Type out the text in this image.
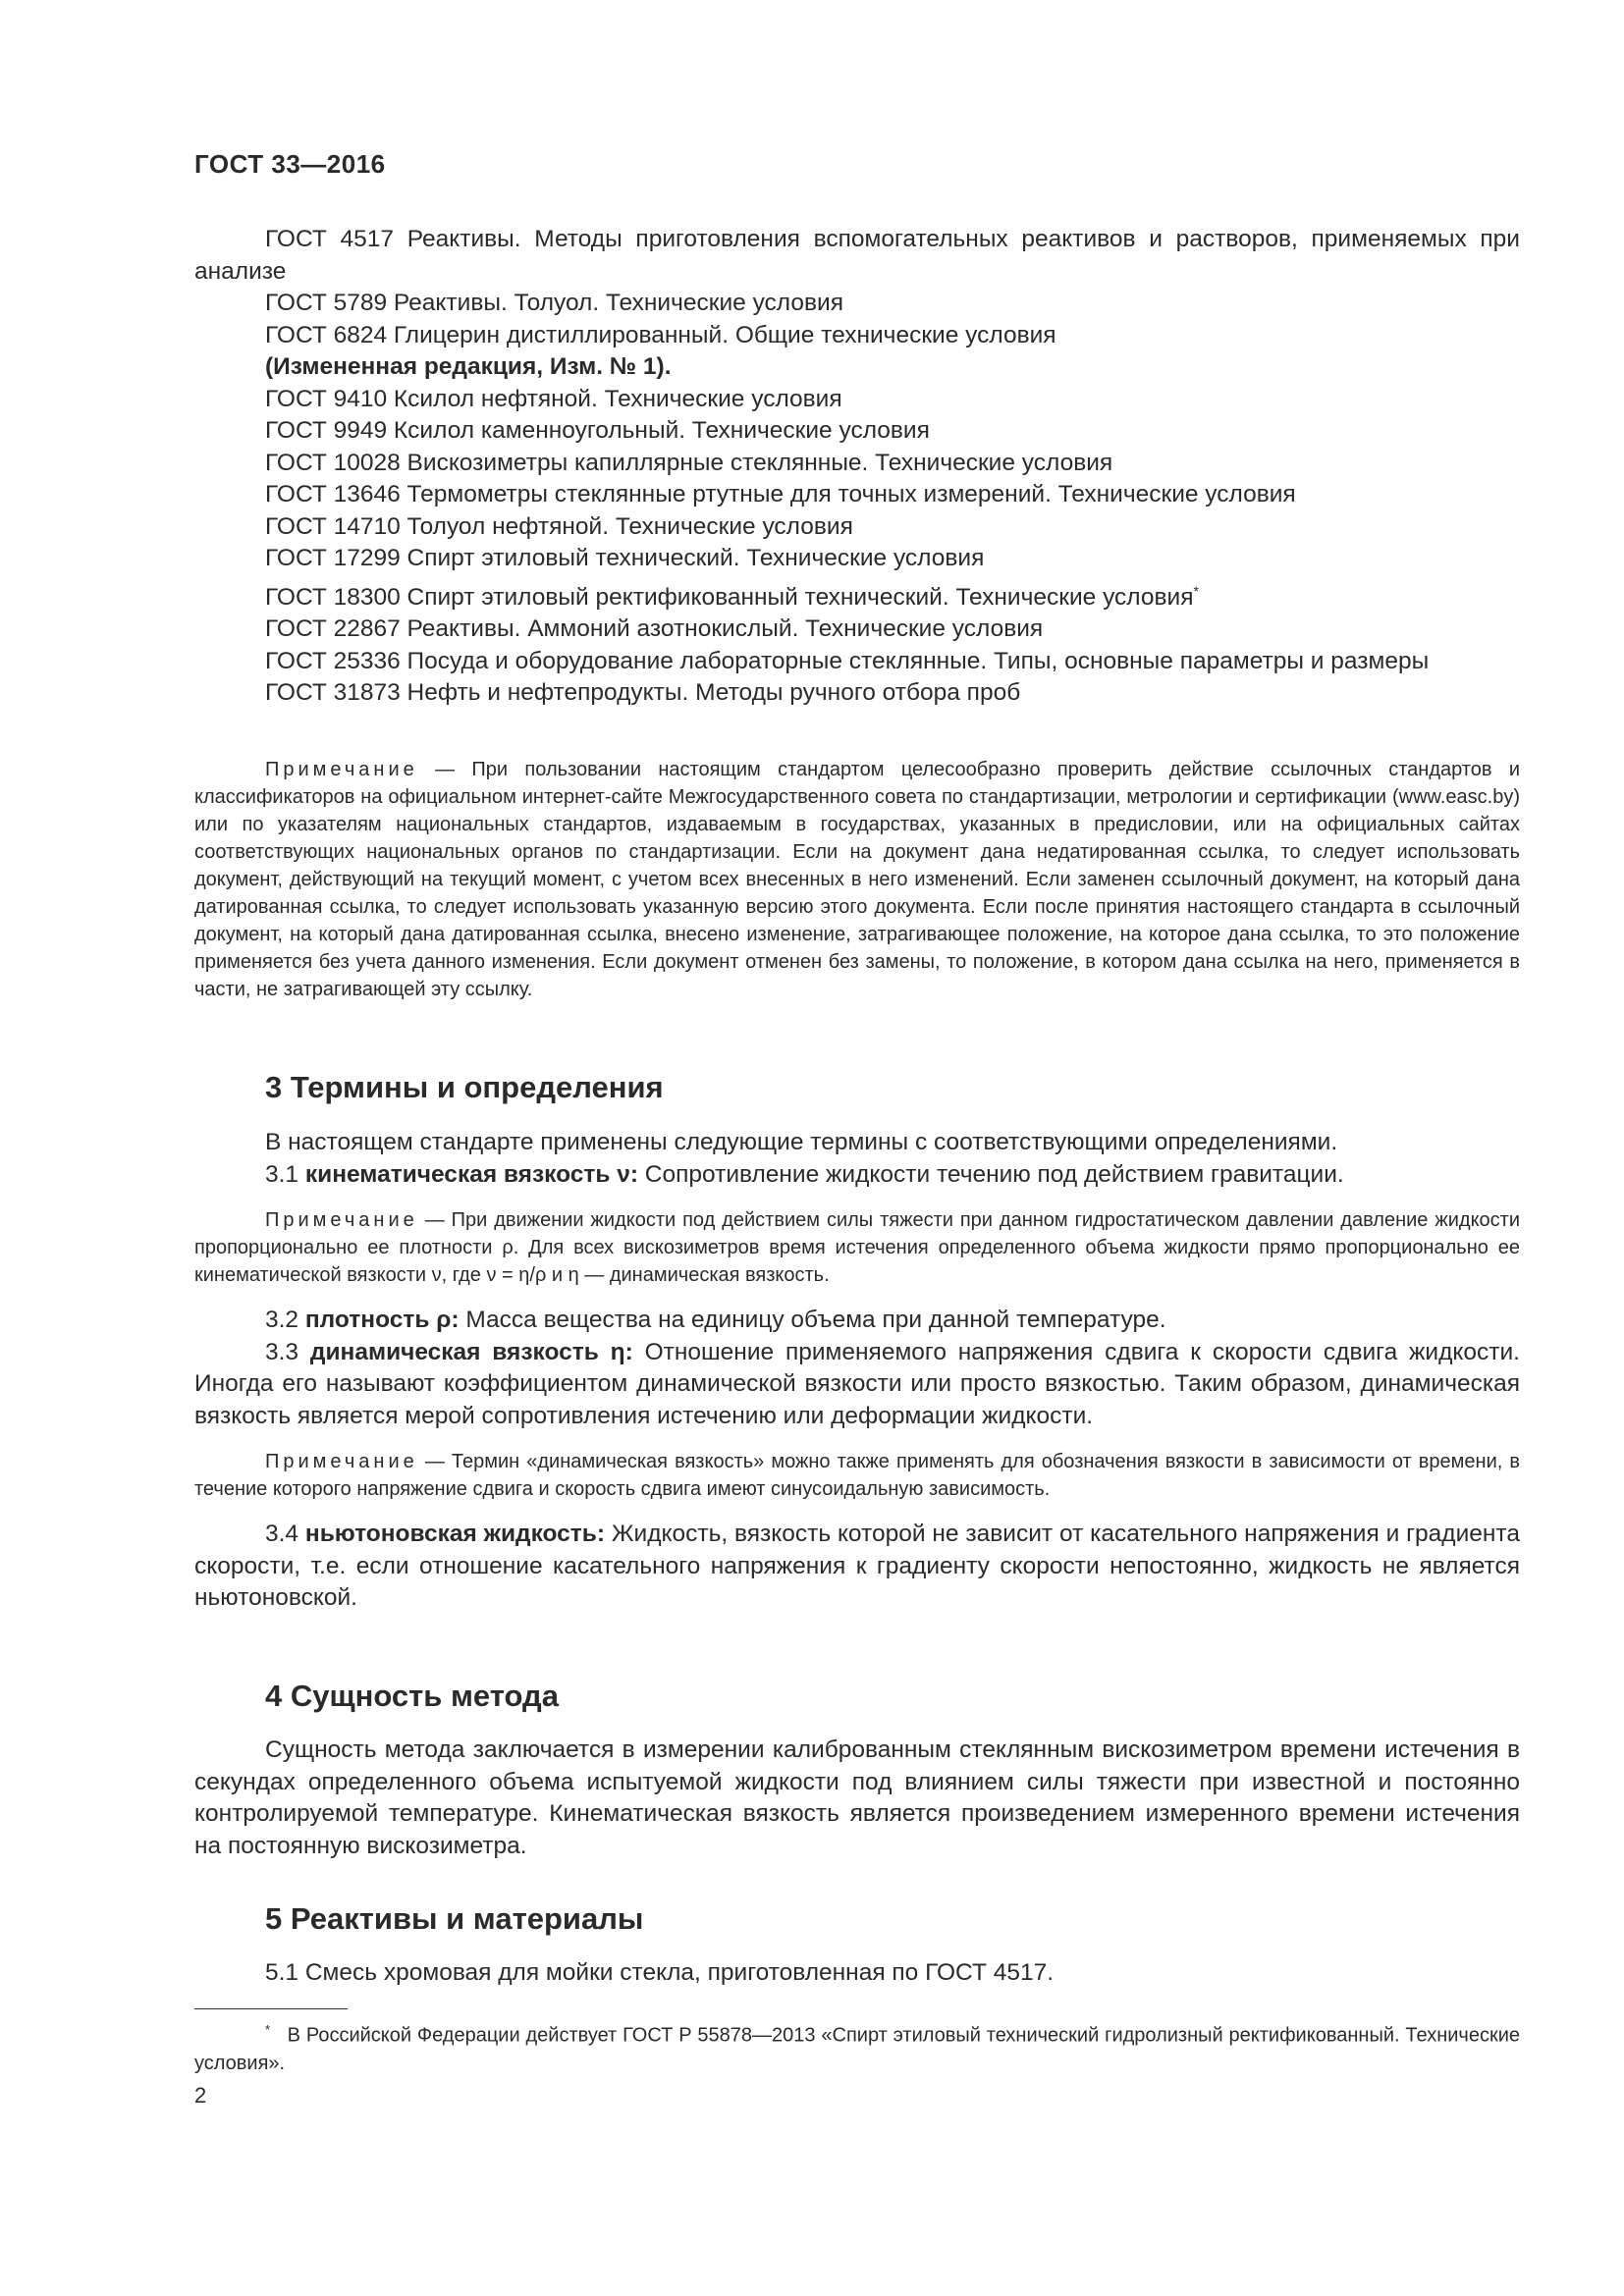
ГОСТ 33—2016

ГОСТ 4517 Реактивы. Методы приготовления вспомогательных реактивов и растворов, применяемых при анализе

ГОСТ 5789 Реактивы. Толуол. Технические условия

ГОСТ 6824 Глицерин дистиллированный. Общие технические условия

(Измененная редакция, Изм. № 1).

ГОСТ 9410 Ксилол нефтяной. Технические условия

ГОСТ 9949 Ксилол каменноугольный. Технические условия

ГОСТ 10028 Вискозиметры капиллярные стеклянные. Технические условия

ГОСТ 13646 Термометры стеклянные ртутные для точных измерений. Технические условия

ГОСТ 14710 Толуол нефтяной. Технические условия

ГОСТ 17299 Спирт этиловый технический. Технические условия

ГОСТ 18300 Спирт этиловый ректификованный технический. Технические условия*

ГОСТ 22867 Реактивы. Аммоний азотнокислый. Технические условия

ГОСТ 25336 Посуда и оборудование лабораторные стеклянные. Типы, основные параметры и размеры

ГОСТ 31873 Нефть и нефтепродукты. Методы ручного отбора проб

Примечание — При пользовании настоящим стандартом целесообразно проверить действие ссылочных стандартов и классификаторов на официальном интернет-сайте Межгосударственного совета по стандартизации, метрологии и сертификации (www.easc.by) или по указателям национальных стандартов, издаваемым в государствах, указанных в предисловии, или на официальных сайтах соответствующих национальных органов по стандартизации. Если на документ дана недатированная ссылка, то следует использовать документ, действующий на текущий момент, с учетом всех внесенных в него изменений. Если заменен ссылочный документ, на который дана датированная ссылка, то следует использовать указанную версию этого документа. Если после принятия настоящего стандарта в ссылочный документ, на который дана датированная ссылка, внесено изменение, затрагивающее положение, на которое дана ссылка, то это положение применяется без учета данного изменения. Если документ отменен без замены, то положение, в котором дана ссылка на него, применяется в части, не затрагивающей эту ссылку.

3 Термины и определения

В настоящем стандарте применены следующие термины с соответствующими определениями.

3.1 кинематическая вязкость ν: Сопротивление жидкости течению под действием гравитации.

Примечание — При движении жидкости под действием силы тяжести при данном гидростатическом давлении давление жидкости пропорционально ее плотности ρ. Для всех вискозиметров время истечения определенного объема жидкости прямо пропорционально ее кинематической вязкости ν, где ν = η/ρ и η — динамическая вязкость.

3.2 плотность ρ: Масса вещества на единицу объема при данной температуре.

3.3 динамическая вязкость η: Отношение применяемого напряжения сдвига к скорости сдвига жидкости. Иногда его называют коэффициентом динамической вязкости или просто вязкостью. Таким образом, динамическая вязкость является мерой сопротивления истечению или деформации жидкости.

Примечание — Термин «динамическая вязкость» можно также применять для обозначения вязкости в зависимости от времени, в течение которого напряжение сдвига и скорость сдвига имеют синусоидальную зависимость.

3.4 ньютоновская жидкость: Жидкость, вязкость которой не зависит от касательного напряжения и градиента скорости, т.е. если отношение касательного напряжения к градиенту скорости непостоянно, жидкость не является ньютоновской.

4 Сущность метода

Сущность метода заключается в измерении калиброванным стеклянным вискозиметром времени истечения в секундах определенного объема испытуемой жидкости под влиянием силы тяжести при известной и постоянно контролируемой температуре. Кинематическая вязкость является произведением измеренного времени истечения на постоянную вискозиметра.

5 Реактивы и материалы

5.1 Смесь хромовая для мойки стекла, приготовленная по ГОСТ 4517.

* В Российской Федерации действует ГОСТ Р 55878—2013 «Спирт этиловый технический гидролизный ректификованный. Технические условия».
2
